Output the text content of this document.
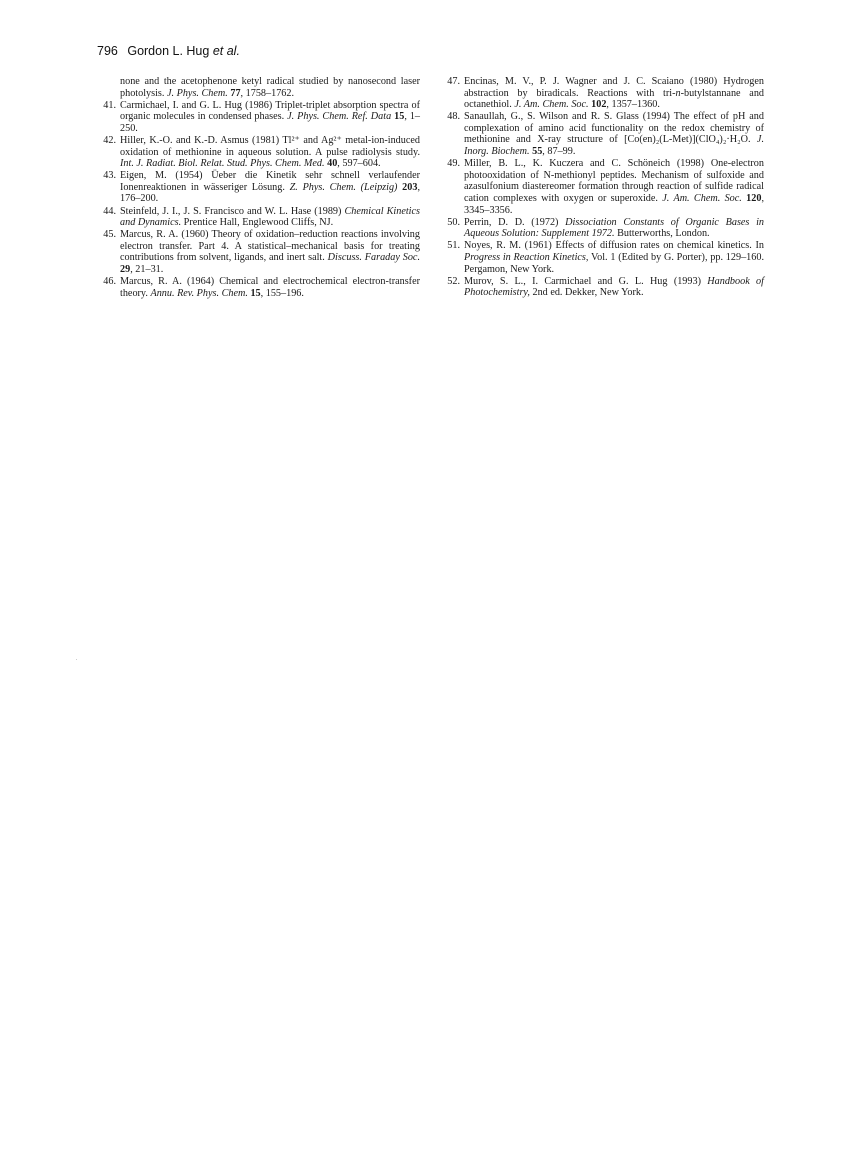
796 Gordon L. Hug et al.
none and the acetophenone ketyl radical studied by nanosecond laser photolysis. J. Phys. Chem. 77, 1758–1762.
41. Carmichael, I. and G. L. Hug (1986) Triplet-triplet absorption spectra of organic molecules in condensed phases. J. Phys. Chem. Ref. Data 15, 1–250.
42. Hiller, K.-O. and K.-D. Asmus (1981) Tl²⁺ and Ag²⁺ metal-ion-induced oxidation of methionine in aqueous solution. A pulse radiolysis study. Int. J. Radiat. Biol. Relat. Stud. Phys. Chem. Med. 40, 597–604.
43. Eigen, M. (1954) Üeber die Kinetik sehr schnell verlaufender Ionenreaktionen in wässeriger Lösung. Z. Phys. Chem. (Leipzig) 203, 176–200.
44. Steinfeld, J. I., J. S. Francisco and W. L. Hase (1989) Chemical Kinetics and Dynamics. Prentice Hall, Englewood Cliffs, NJ.
45. Marcus, R. A. (1960) Theory of oxidation–reduction reactions involving electron transfer. Part 4. A statistical–mechanical basis for treating contributions from solvent, ligands, and inert salt. Discuss. Faraday Soc. 29, 21–31.
46. Marcus, R. A. (1964) Chemical and electrochemical electron-transfer theory. Annu. Rev. Phys. Chem. 15, 155–196.
47. Encinas, M. V., P. J. Wagner and J. C. Scaiano (1980) Hydrogen abstraction by biradicals. Reactions with tri-n-butylstannane and octanethiol. J. Am. Chem. Soc. 102, 1357–1360.
48. Sanaullah, G., S. Wilson and R. S. Glass (1994) The effect of pH and complexation of amino acid functionality on the redox chemistry of methionine and X-ray structure of [Co(en)₂(L-Met)](ClO₄)₂·H₂O. J. Inorg. Biochem. 55, 87–99.
49. Miller, B. L., K. Kuczera and C. Schöneich (1998) One-electron photooxidation of N-methionyl peptides. Mechanism of sulfoxide and azasulfonium diastereomer formation through reaction of sulfide radical cation complexes with oxygen or superoxide. J. Am. Chem. Soc. 120, 3345–3356.
50. Perrin, D. D. (1972) Dissociation Constants of Organic Bases in Aqueous Solution: Supplement 1972. Butterworths, London.
51. Noyes, R. M. (1961) Effects of diffusion rates on chemical kinetics. In Progress in Reaction Kinetics, Vol. 1 (Edited by G. Porter), pp. 129–160. Pergamon, New York.
52. Murov, S. L., I. Carmichael and G. L. Hug (1993) Handbook of Photochemistry, 2nd ed. Dekker, New York.
